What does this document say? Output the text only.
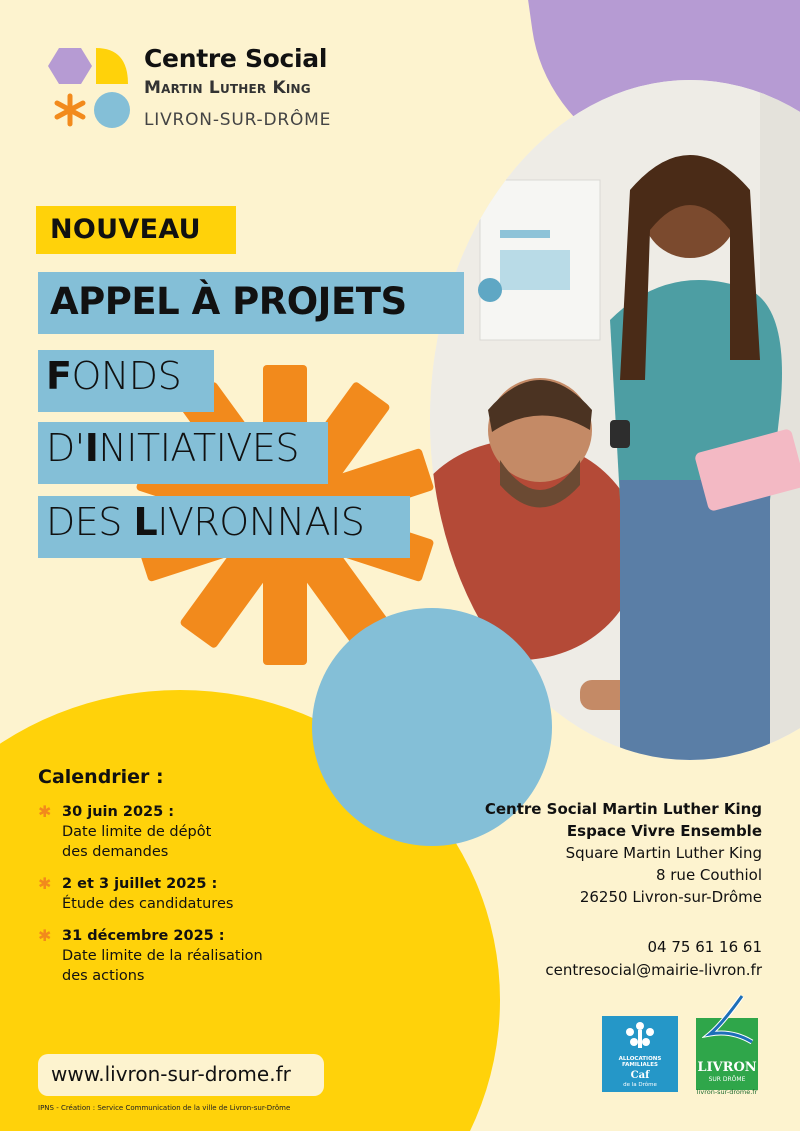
Centre Social
Martin Luther King
LIVRON-SUR-DRÔME
NOUVEAU
APPEL À PROJETS
FONDS
D'INITIATIVES
DES LIVRONNAIS
Calendrier :
✱ 30 juin 2025 :
Date limite de dépôt
des demandes
✱ 2 et 3 juillet 2025 :
Étude des candidatures
✱ 31 décembre 2025 :
Date limite de la réalisation
des actions
Centre Social Martin Luther King
Espace Vivre Ensemble
Square Martin Luther King
8 rue Couthiol
26250 Livron-sur-Drôme
04 75 61 16 61
centresocial@mairie-livron.fr
ALLOCATIONS
FAMILIALES
Caf
de la Drôme
LIVRON
SUR DRÔME
livron-sur-drome.fr
www.livron-sur-drome.fr
IPNS - Création : Service Communication de la ville de Livron-sur-Drôme
